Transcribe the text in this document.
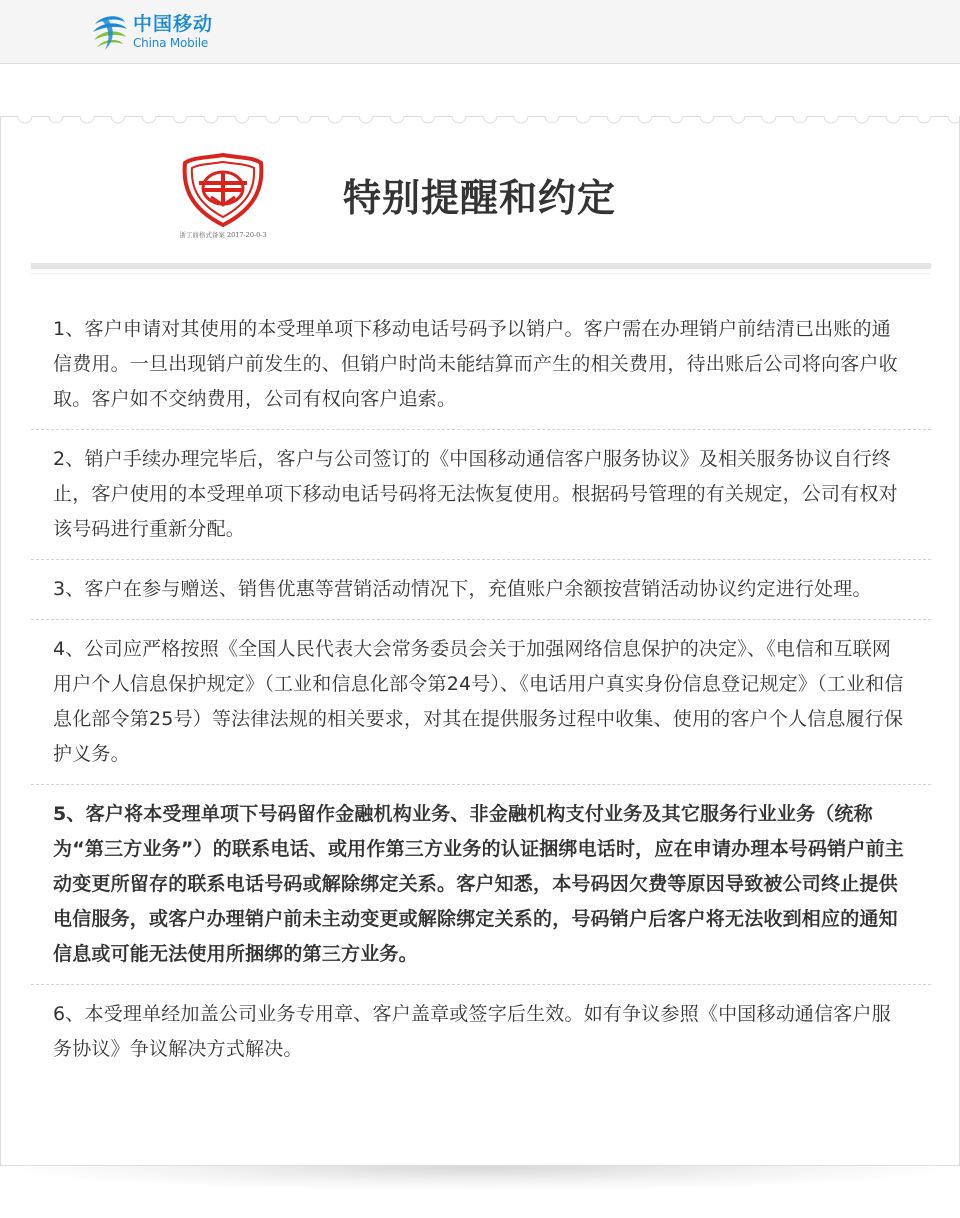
中国移动
China Mobile
浙工商格式备案 2017-20-0-3
特别提醒和约定
1、客户申请对其使用的本受理单项下移动电话号码予以销户。客户需在办理销户前结清已出账的通信费用。一旦出现销户前发生的、但销户时尚未能结算而产生的相关费用，待出账后公司将向客户收取。客户如不交纳费用，公司有权向客户追索。
2、销户手续办理完毕后，客户与公司签订的《中国移动通信客户服务协议》及相关服务协议自行终止，客户使用的本受理单项下移动电话号码将无法恢复使用。根据码号管理的有关规定，公司有权对该号码进行重新分配。
3、客户在参与赠送、销售优惠等营销活动情况下，充值账户余额按营销活动协议约定进行处理。
4、公司应严格按照《全国人民代表大会常务委员会关于加强网络信息保护的决定》、《电信和互联网用户个人信息保护规定》（工业和信息化部令第24号）、《电话用户真实身份信息登记规定》（工业和信息化部令第25号）等法律法规的相关要求，对其在提供服务过程中收集、使用的客户个人信息履行保护义务。
5、客户将本受理单项下号码留作金融机构业务、非金融机构支付业务及其它服务行业业务（统称为“第三方业务”）的联系电话、或用作第三方业务的认证捆绑电话时，应在申请办理本号码销户前主动变更所留存的联系电话号码或解除绑定关系。客户知悉，本号码因欠费等原因导致被公司终止提供电信服务，或客户办理销户前未主动变更或解除绑定关系的，号码销户后客户将无法收到相应的通知信息或可能无法使用所捆绑的第三方业务。
6、本受理单经加盖公司业务专用章、客户盖章或签字后生效。如有争议参照《中国移动通信客户服务协议》争议解决方式解决。
